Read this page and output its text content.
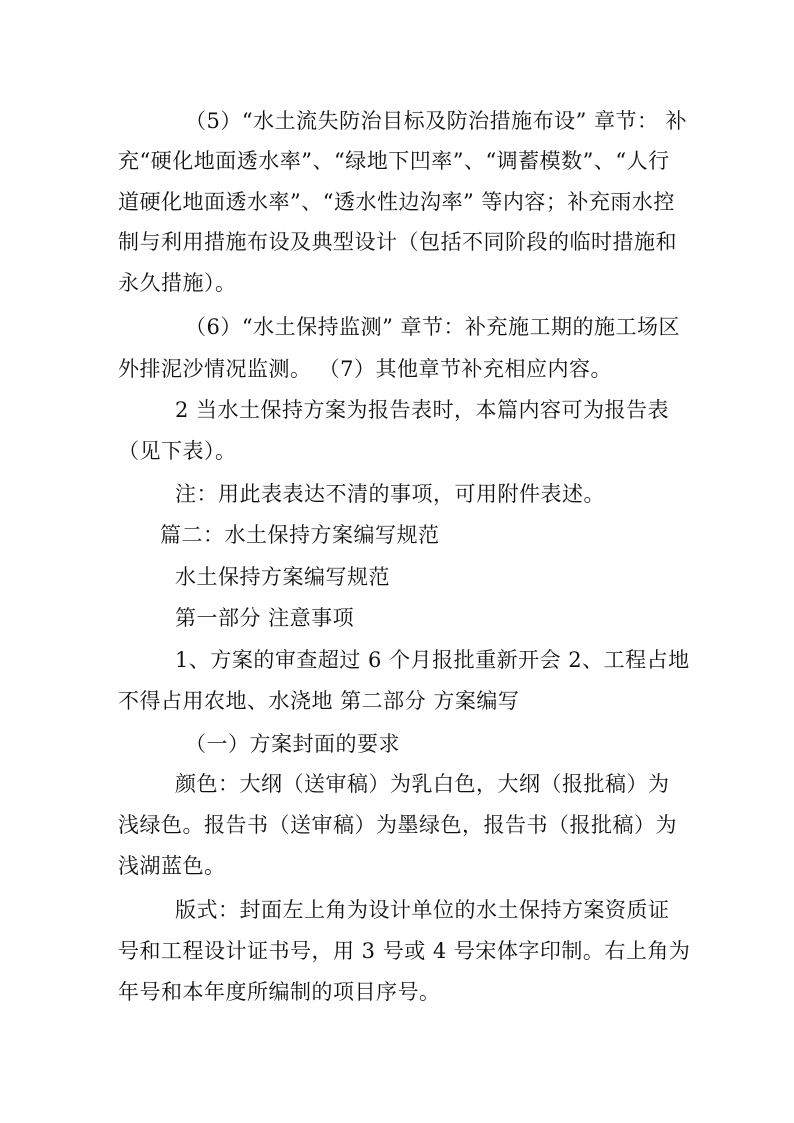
（5）“水土流失防治目标及防治措施布设” 章节： 补
充“硬化地面透水率”、“绿地下凹率”、“调蓄模数”、“人行
道硬化地面透水率”、“透水性边沟率” 等内容；补充雨水控
制与利用措施布设及典型设计（包括不同阶段的临时措施和
永久措施）。
（6）“水土保持监测” 章节：补充施工期的施工场区
外排泥沙情况监测。 （7）其他章节补充相应内容。
2 当水土保持方案为报告表时，本篇内容可为报告表
（见下表）。
注：用此表表达不清的事项，可用附件表述。
篇二：水土保持方案编写规范
水土保持方案编写规范
第一部分 注意事项
1、方案的审查超过 6 个月报批重新开会 2、工程占地
不得占用农地、水浇地 第二部分 方案编写
（一）方案封面的要求
颜色：大纲（送审稿）为乳白色，大纲（报批稿）为
浅绿色。报告书（送审稿）为墨绿色，报告书（报批稿）为
浅湖蓝色。
版式：封面左上角为设计单位的水土保持方案资质证
号和工程设计证书号，用 3 号或 4 号宋体字印制。右上角为
年号和本年度所编制的项目序号。
